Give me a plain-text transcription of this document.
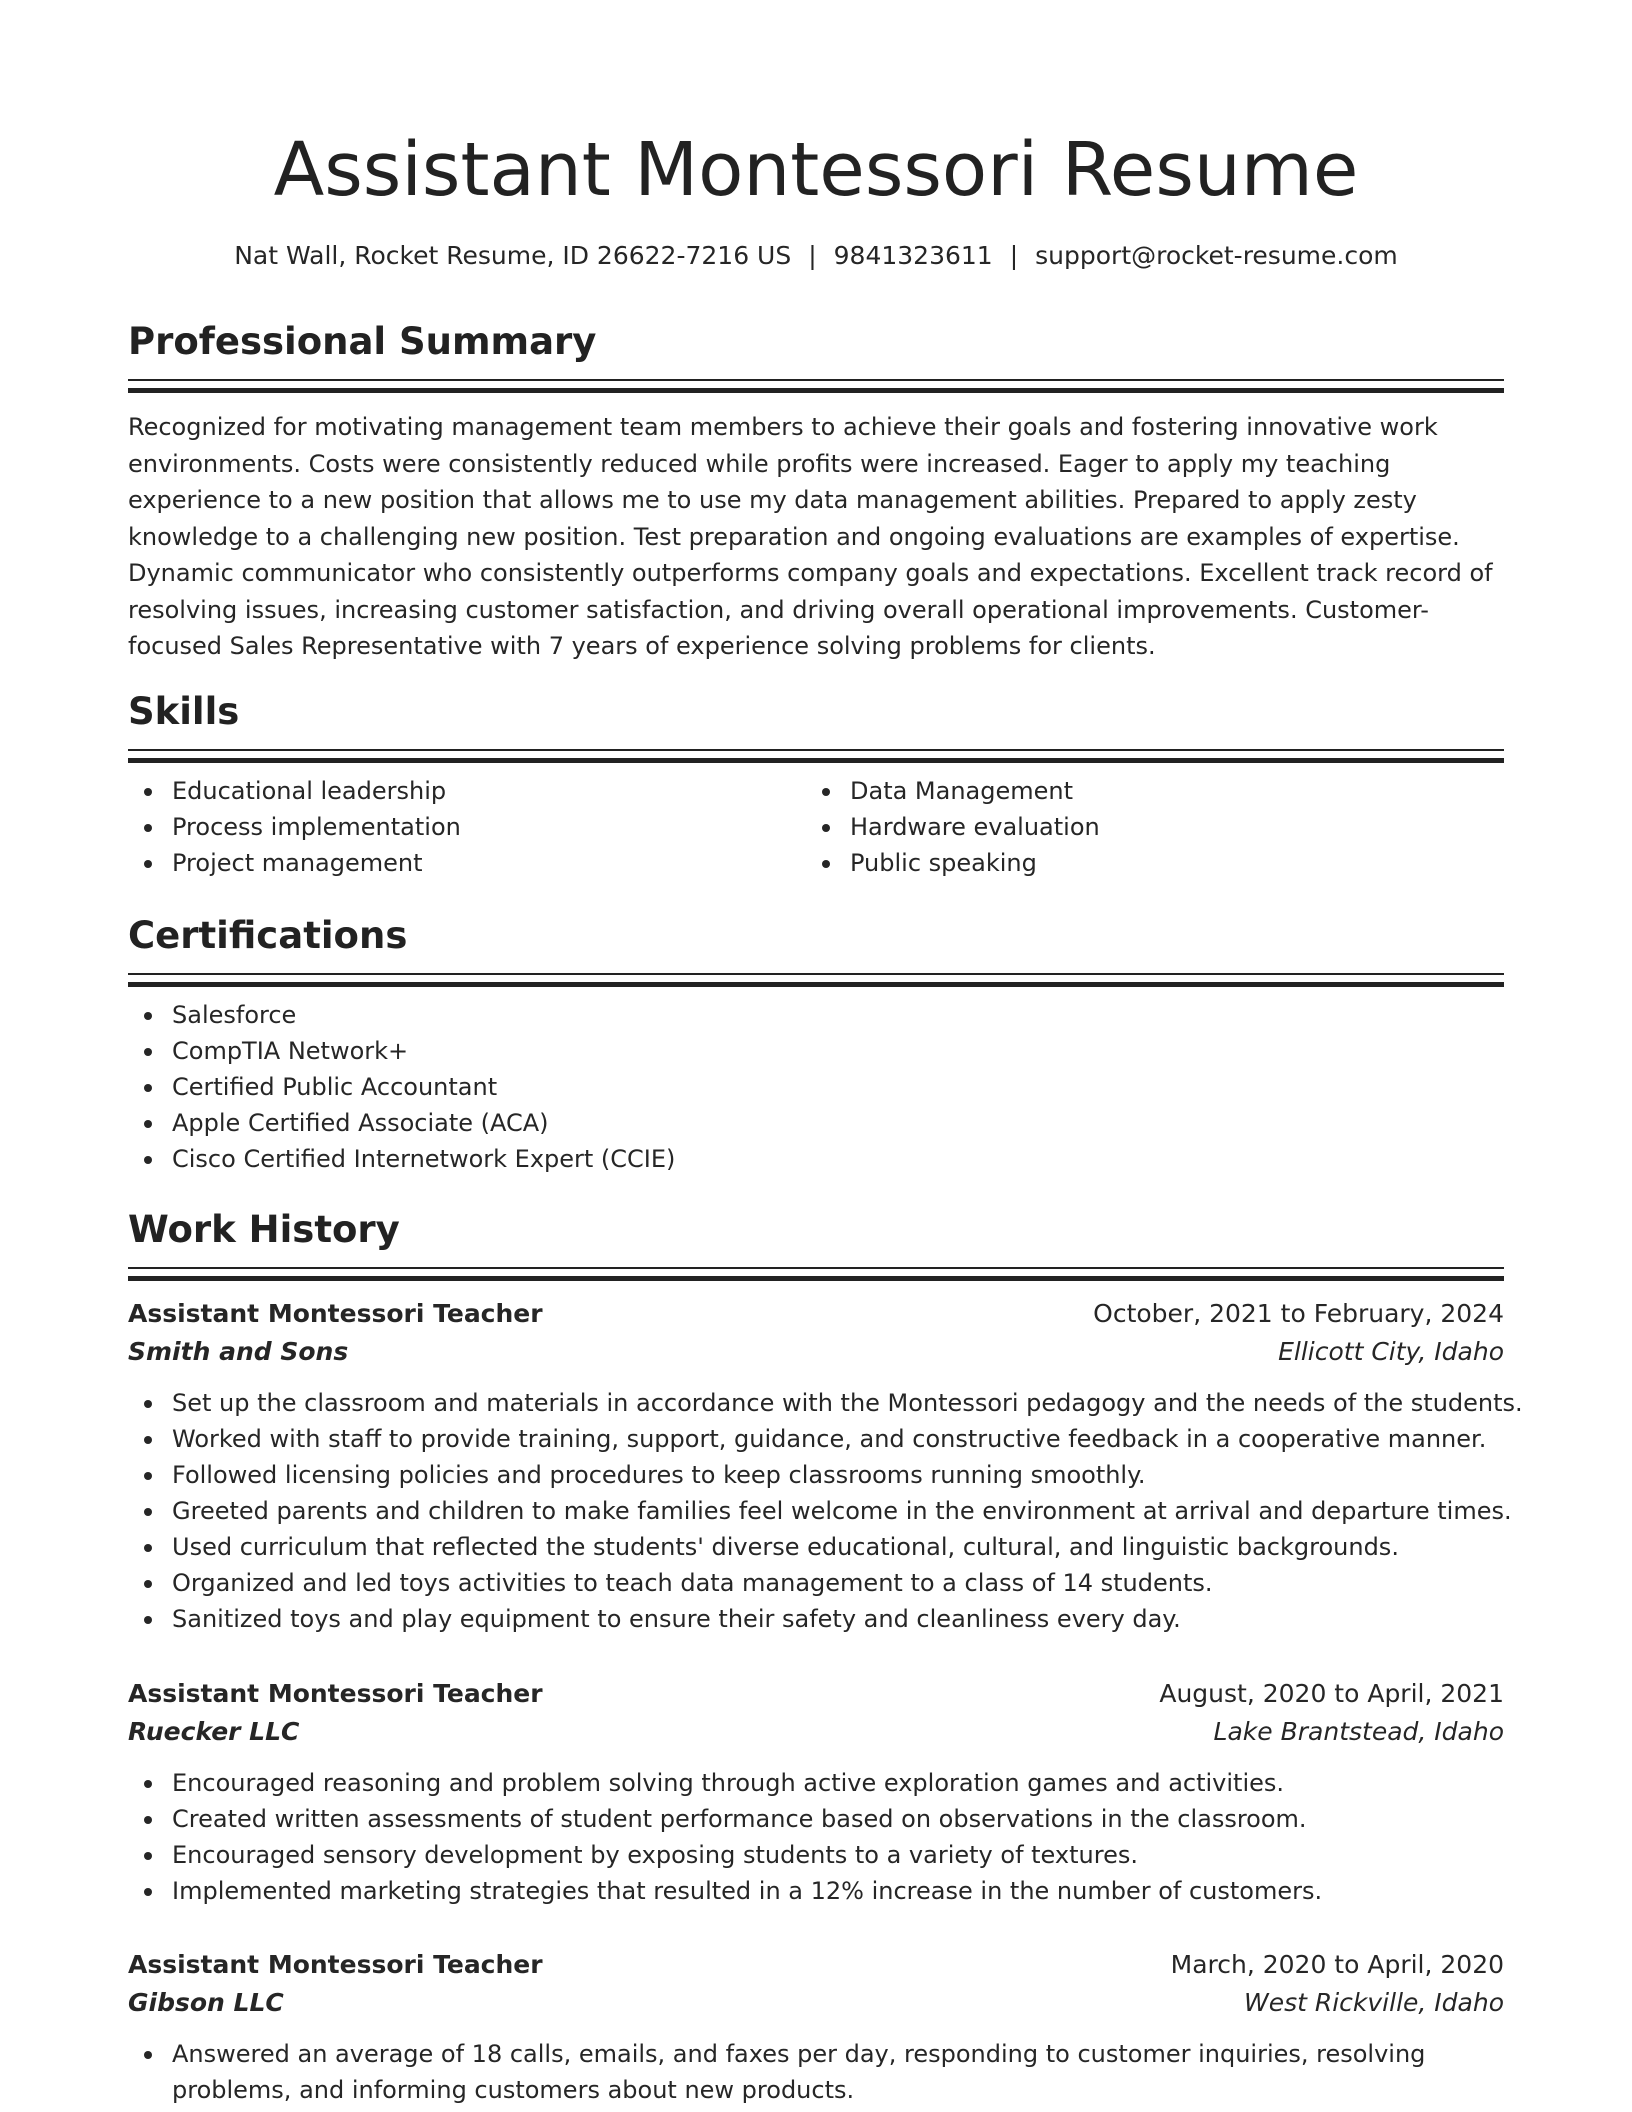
Assistant Montessori Resume
Nat Wall, Rocket Resume, ID 26622-7216 US | 9841323611 | support@rocket-resume.com
Professional Summary

Recognized for motivating management team members to achieve their goals and fostering innovative work environments. Costs were consistently reduced while profits were increased. Eager to apply my teaching experience to a new position that allows me to use my data management abilities. Prepared to apply zesty knowledge to a challenging new position. Test preparation and ongoing evaluations are examples of expertise. Dynamic communicator who consistently outperforms company goals and expectations. Excellent track record of resolving issues, increasing customer satisfaction, and driving overall operational improvements. Customer-focused Sales Representative with 7 years of experience solving problems for clients.

Skills
Educational leadership
Process implementation
Project management
Data Management
Hardware evaluation
Public speaking
Certifications
Salesforce
CompTIA Network+
Certified Public Accountant
Apple Certified Associate (ACA)
Cisco Certified Internetwork Expert (CCIE)
Work History
Assistant Montessori Teacher	October, 2021 to February, 2024
Smith and Sons	Ellicott City, Idaho
Set up the classroom and materials in accordance with the Montessori pedagogy and the needs of the students.
Worked with staff to provide training, support, guidance, and constructive feedback in a cooperative manner.
Followed licensing policies and procedures to keep classrooms running smoothly.
Greeted parents and children to make families feel welcome in the environment at arrival and departure times.
Used curriculum that reflected the students' diverse educational, cultural, and linguistic backgrounds.
Organized and led toys activities to teach data management to a class of 14 students.
Sanitized toys and play equipment to ensure their safety and cleanliness every day.
Assistant Montessori Teacher	August, 2020 to April, 2021
Ruecker LLC	Lake Brantstead, Idaho
Encouraged reasoning and problem solving through active exploration games and activities.
Created written assessments of student performance based on observations in the classroom.
Encouraged sensory development by exposing students to a variety of textures.
Implemented marketing strategies that resulted in a 12% increase in the number of customers.
Assistant Montessori Teacher	March, 2020 to April, 2020
Gibson LLC	West Rickville, Idaho
Answered an average of 18 calls, emails, and faxes per day, responding to customer inquiries, resolving problems, and informing customers about new products.
